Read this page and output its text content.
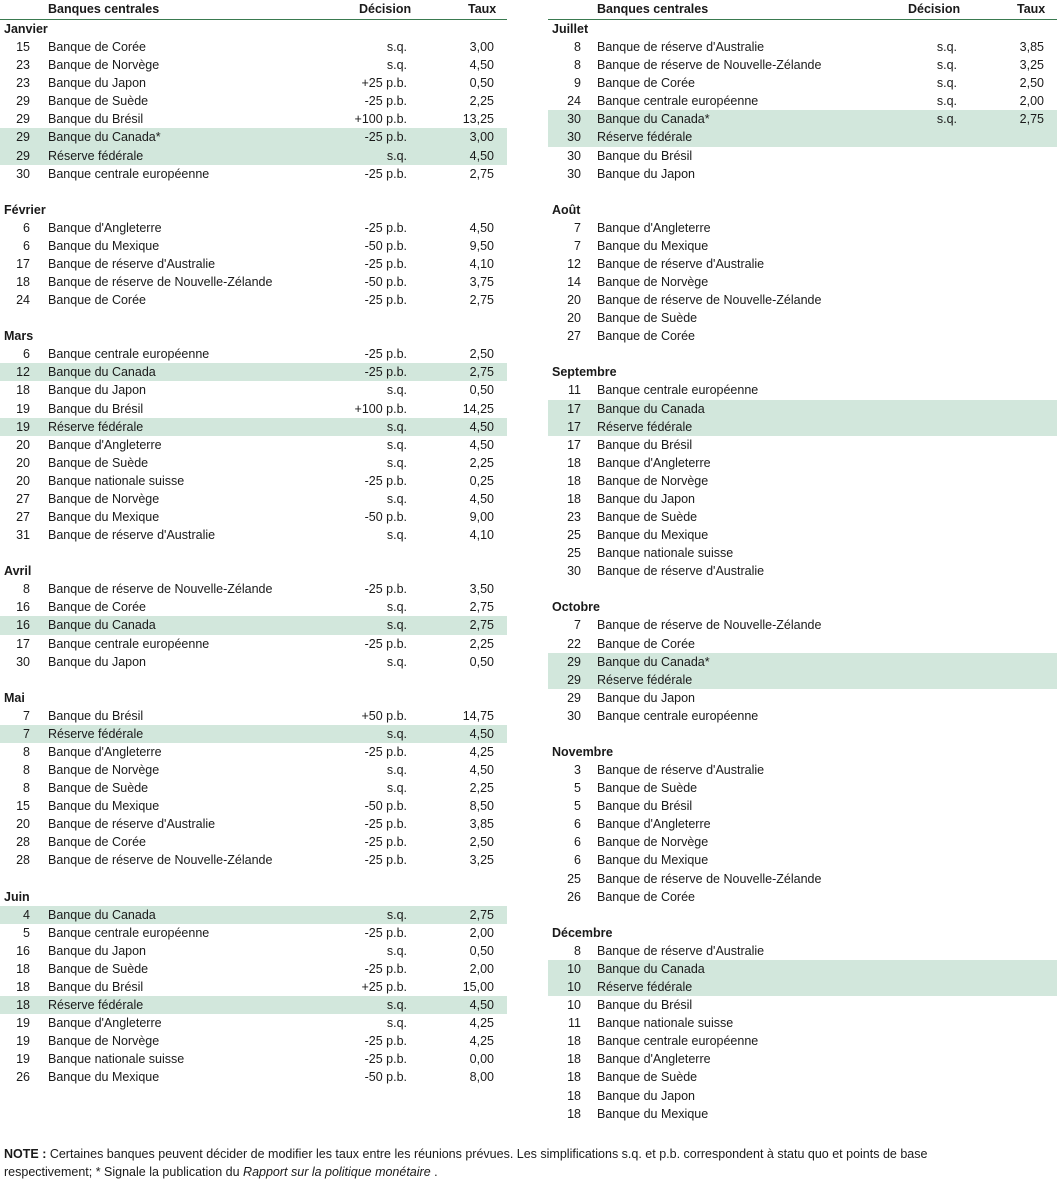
Banques centrales	Décision	Taux
Janvier
15 Banque de Corée	s.q.	3,00
23 Banque de Norvège	s.q.	4,50
23 Banque du Japon	+25 p.b.	0,50
29 Banque de Suède	-25 p.b.	2,25
29 Banque du Brésil	+100 p.b.	13,25
29 Banque du Canada*	-25 p.b.	3,00
29 Réserve fédérale	s.q.	4,50
30 Banque centrale européenne	-25 p.b.	2,75
Février
6 Banque d'Angleterre	-25 p.b.	4,50
6 Banque du Mexique	-50 p.b.	9,50
17 Banque de réserve d'Australie	-25 p.b.	4,10
18 Banque de réserve de Nouvelle-Zélande	-50 p.b.	3,75
24 Banque de Corée	-25 p.b.	2,75
Mars
6 Banque centrale européenne	-25 p.b.	2,50
12 Banque du Canada	-25 p.b.	2,75
18 Banque du Japon	s.q.	0,50
19 Banque du Brésil	+100 p.b.	14,25
19 Réserve fédérale	s.q.	4,50
20 Banque d'Angleterre	s.q.	4,50
20 Banque de Suède	s.q.	2,25
20 Banque nationale suisse	-25 p.b.	0,25
27 Banque de Norvège	s.q.	4,50
27 Banque du Mexique	-50 p.b.	9,00
31 Banque de réserve d'Australie	s.q.	4,10
Avril
8 Banque de réserve de Nouvelle-Zélande	-25 p.b.	3,50
16 Banque de Corée	s.q.	2,75
16 Banque du Canada	s.q.	2,75
17 Banque centrale européenne	-25 p.b.	2,25
30 Banque du Japon	s.q.	0,50
Mai
7 Banque du Brésil	+50 p.b.	14,75
7 Réserve fédérale	s.q.	4,50
8 Banque d'Angleterre	-25 p.b.	4,25
8 Banque de Norvège	s.q.	4,50
8 Banque de Suède	s.q.	2,25
15 Banque du Mexique	-50 p.b.	8,50
20 Banque de réserve d'Australie	-25 p.b.	3,85
28 Banque de Corée	-25 p.b.	2,50
28 Banque de réserve de Nouvelle-Zélande	-25 p.b.	3,25
Juin
4 Banque du Canada	s.q.	2,75
5 Banque centrale européenne	-25 p.b.	2,00
16 Banque du Japon	s.q.	0,50
18 Banque de Suède	-25 p.b.	2,00
18 Banque du Brésil	+25 p.b.	15,00
18 Réserve fédérale	s.q.	4,50
19 Banque d'Angleterre	s.q.	4,25
19 Banque de Norvège	-25 p.b.	4,25
19 Banque nationale suisse	-25 p.b.	0,00
26 Banque du Mexique	-50 p.b.	8,00
Banques centrales	Décision	Taux
Juillet
8 Banque de réserve d'Australie	s.q.	3,85
8 Banque de réserve de Nouvelle-Zélande	s.q.	3,25
9 Banque de Corée	s.q.	2,50
24 Banque centrale européenne	s.q.	2,00
30 Banque du Canada*	s.q.	2,75
30 Réserve fédérale
30 Banque du Brésil
30 Banque du Japon
Août
7 Banque d'Angleterre
7 Banque du Mexique
12 Banque de réserve d'Australie
14 Banque de Norvège
20 Banque de réserve de Nouvelle-Zélande
20 Banque de Suède
27 Banque de Corée
Septembre
11 Banque centrale européenne
17 Banque du Canada
17 Réserve fédérale
17 Banque du Brésil
18 Banque d'Angleterre
18 Banque de Norvège
18 Banque du Japon
23 Banque de Suède
25 Banque du Mexique
25 Banque nationale suisse
30 Banque de réserve d'Australie
Octobre
7 Banque de réserve de Nouvelle-Zélande
22 Banque de Corée
29 Banque du Canada*
29 Réserve fédérale
29 Banque du Japon
30 Banque centrale européenne
Novembre
3 Banque de réserve d'Australie
5 Banque de Suède
5 Banque du Brésil
6 Banque d'Angleterre
6 Banque de Norvège
6 Banque du Mexique
25 Banque de réserve de Nouvelle-Zélande
26 Banque de Corée
Décembre
8 Banque de réserve d'Australie
10 Banque du Canada
10 Réserve fédérale
10 Banque du Brésil
11 Banque nationale suisse
18 Banque centrale européenne
18 Banque d'Angleterre
18 Banque de Suède
18 Banque du Japon
18 Banque du Mexique
NOTE : Certaines banques peuvent décider de modifier les taux entre les réunions prévues. Les simplifications s.q. et p.b. correspondent à statu quo et points de base respectivement; * Signale la publication du Rapport sur la politique monétaire .
